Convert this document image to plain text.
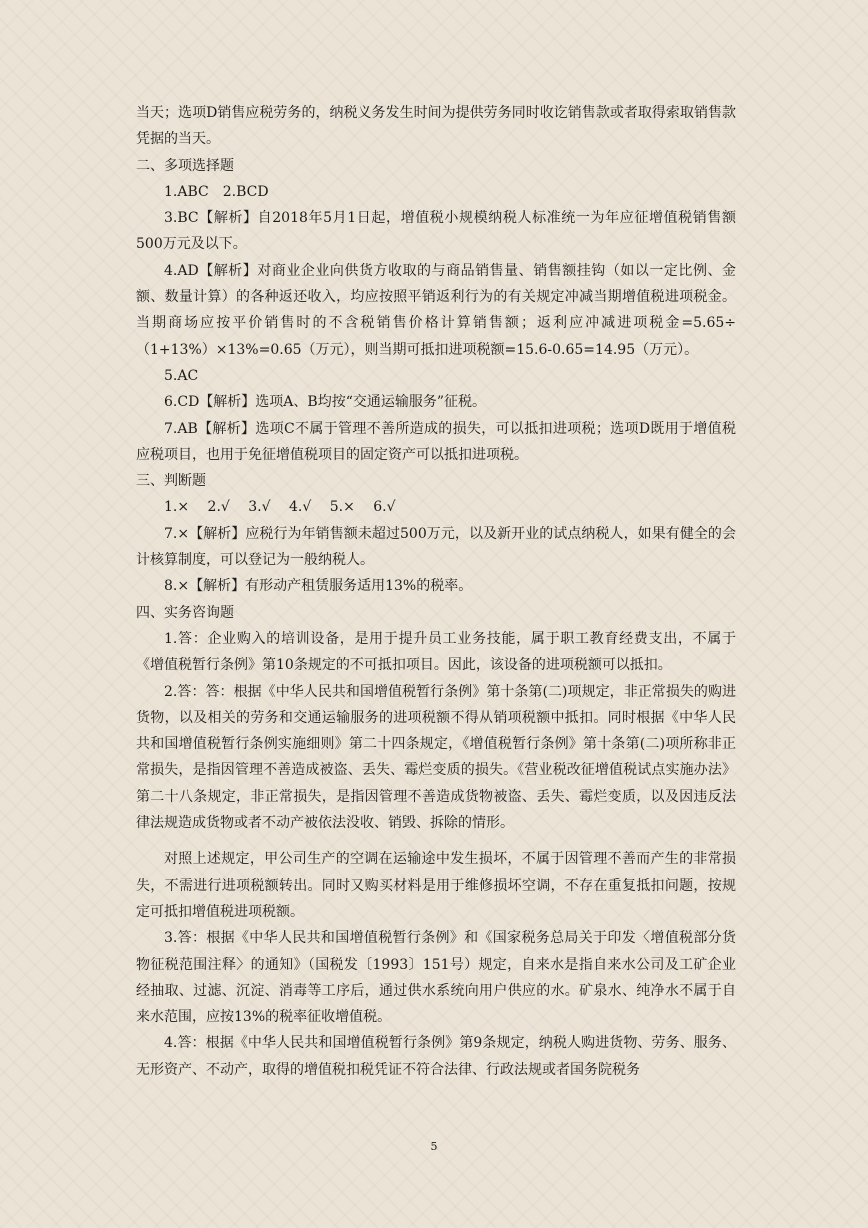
当天；选项D销售应税劳务的，纳税义务发生时间为提供劳务同时收讫销售款或者取得索取销售款凭据的当天。

二、多项选择题

1.ABC　2.BCD

3.BC【解析】自2018年5月1日起，增值税小规模纳税人标准统一为年应征增值税销售额500万元及以下。

4.AD【解析】对商业企业向供货方收取的与商品销售量、销售额挂钩（如以一定比例、金额、数量计算）的各种返还收入，均应按照平销返利行为的有关规定冲减当期增值税进项税金。当期商场应按平价销售时的不含税销售价格计算销售额；返利应冲减进项税金=5.65÷（1+13%）×13%=0.65（万元），则当期可抵扣进项税额=15.6-0.65=14.95（万元）。

5.AC

6.CD【解析】选项A、B均按“交通运输服务”征税。

7.AB【解析】选项C不属于管理不善所造成的损失，可以抵扣进项税；选项D既用于增值税应税项目，也用于免征增值税项目的固定资产可以抵扣进项税。

三、判断题

1.×　 2.√　 3.√　 4.√　 5.×　 6.√

7.×【解析】应税行为年销售额未超过500万元，以及新开业的试点纳税人，如果有健全的会计核算制度，可以登记为一般纳税人。

8.×【解析】有形动产租赁服务适用13%的税率。

四、实务咨询题

1.答：企业购入的培训设备，是用于提升员工业务技能，属于职工教育经费支出，不属于《增值税暂行条例》第10条规定的不可抵扣项目。因此，该设备的进项税额可以抵扣。

2.答：答：根据《中华人民共和国增值税暂行条例》第十条第(二)项规定，非正常损失的购进货物，以及相关的劳务和交通运输服务的进项税额不得从销项税额中抵扣。同时根据《中华人民共和国增值税暂行条例实施细则》第二十四条规定，《增值税暂行条例》第十条第(二)项所称非正常损失，是指因管理不善造成被盗、丢失、霉烂变质的损失。《营业税改征增值税试点实施办法》第二十八条规定，非正常损失，是指因管理不善造成货物被盗、丢失、霉烂变质，以及因违反法律法规造成货物或者不动产被依法没收、销毁、拆除的情形。

对照上述规定，甲公司生产的空调在运输途中发生损坏，不属于因管理不善而产生的非常损失，不需进行进项税额转出。同时又购买材料是用于维修损坏空调，不存在重复抵扣问题，按规定可抵扣增值税进项税额。

3.答：根据《中华人民共和国增值税暂行条例》和《国家税务总局关于印发〈增值税部分货物征税范围注释〉的通知》（国税发〔1993〕151号）规定，自来水是指自来水公司及工矿企业经抽取、过滤、沉淀、消毒等工序后，通过供水系统向用户供应的水。矿泉水、纯净水不属于自来水范围，应按13%的税率征收增值税。

4.答：根据《中华人民共和国增值税暂行条例》第9条规定，纳税人购进货物、劳务、服务、无形资产、不动产，取得的增值税扣税凭证不符合法律、行政法规或者国务院税务

5
